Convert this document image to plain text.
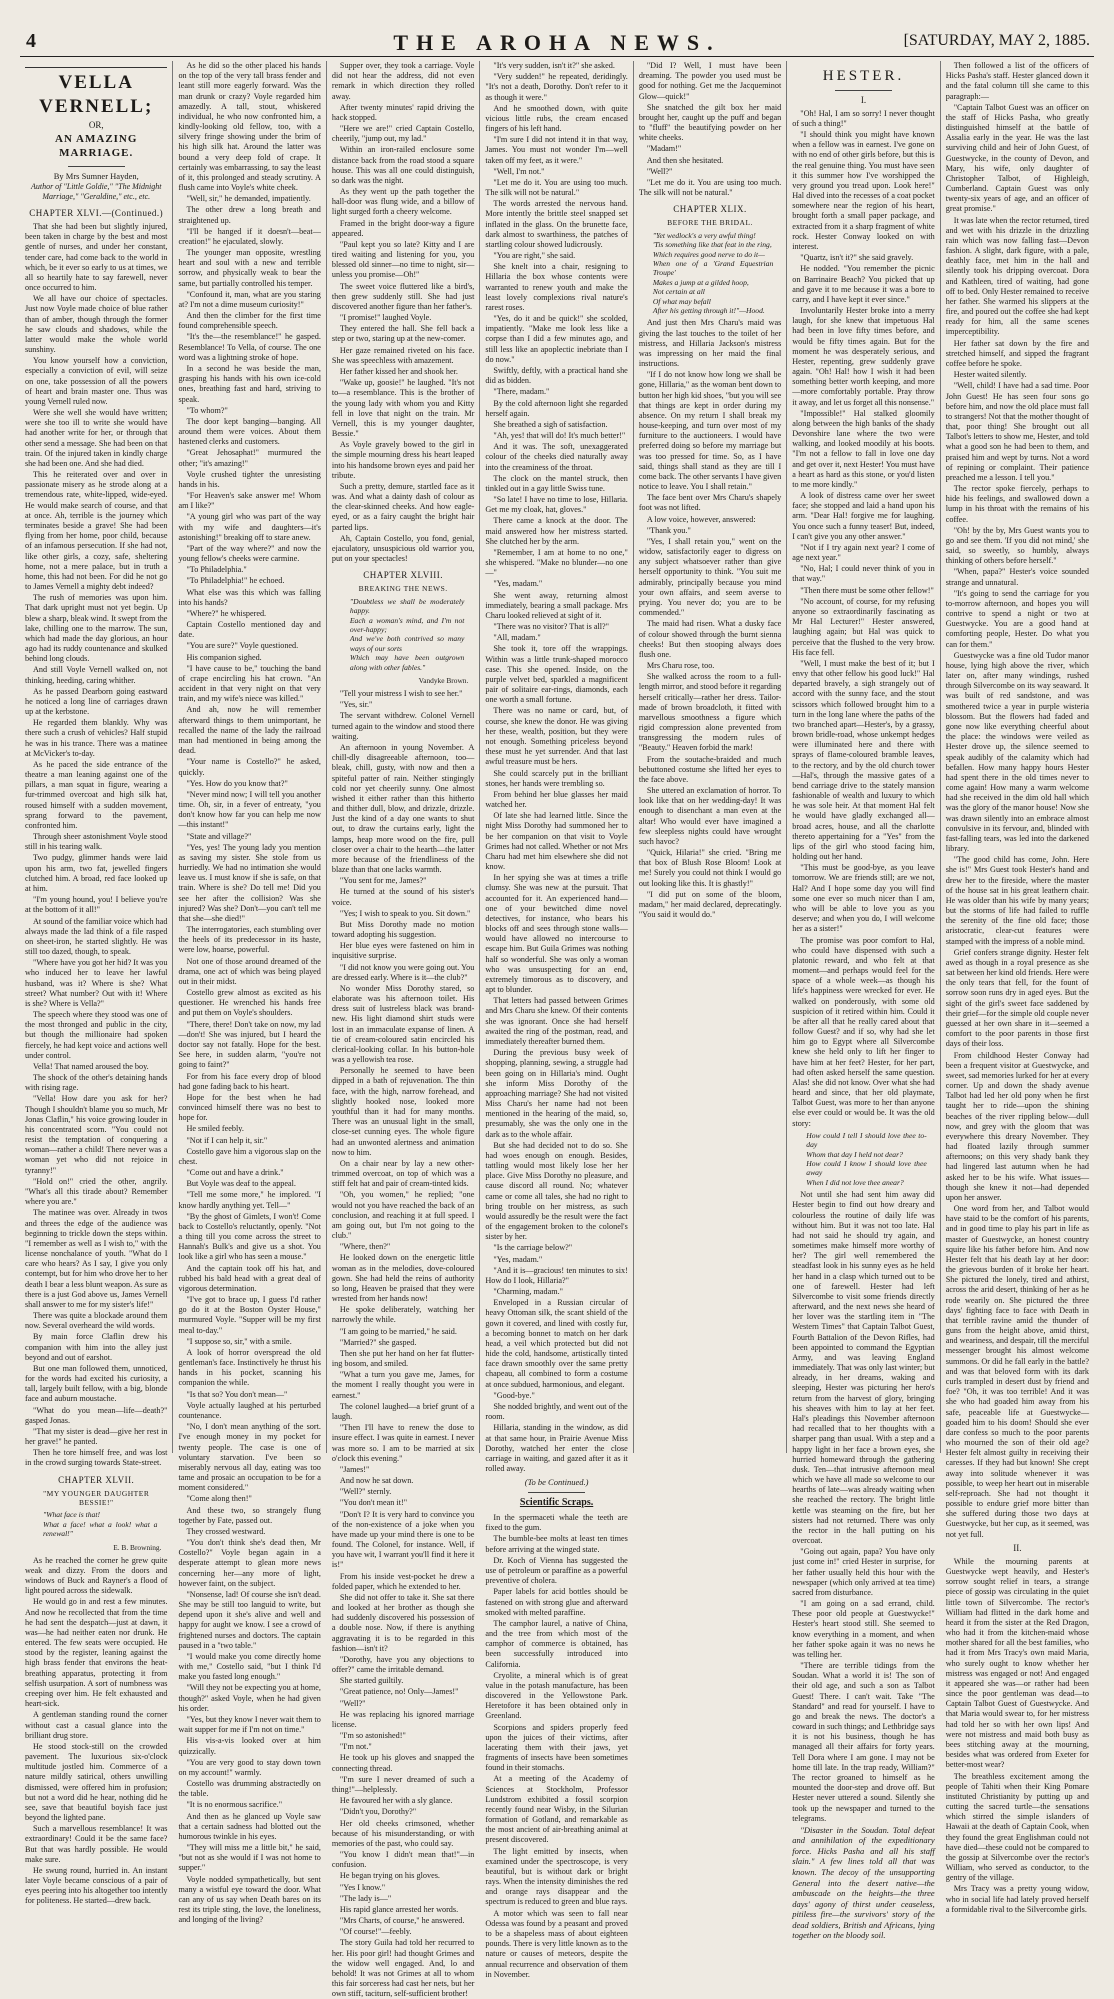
4	THE AROHA NEWS.	[SATURDAY, MAY 2, 1885.
VELLA VERNELL;
OR,
AN AMAZING MARRIAGE.
By Mrs Sumner Hayden,
Author of "Little Goldie," "The Midnight Marriage," "Geraldine," etc., etc.
CHAPTER XLVI.—(Continued.)

That she had been but slightly injured, been taken in charge by the best and most gentle of nurses, and under her constant, tender care, had come back to the world in which, be it ever so early to us at times, we all so heartily hate to say farewell, never once occurred to him.

We all have our choice of spectacles. Just now Voyle made choice of blue rather than of amber, though through the former he saw clouds and shadows, while the latter would make the whole world sunshiny.

You know yourself how a conviction, especially a conviction of evil, will seize on one, take possession of all the powers of heart and brain master one. Thus was young Vernell ruled now.

Were she well she would have written; were she too ill to write she would have had another write for her, or through that other send a message. She had been on that train. Of the injured taken in kindly charge she had been one. And she had died.

This he reiterated over and over in passionate misery as he strode along at a tremendous rate, white-lipped, wide-eyed. He would make search of course, and that at once. Ah, terrible is the journey which terminates beside a grave! She had been flying from her home, poor child, because of an infamous persecution. If she had not, like other girls, a cozy, safe, sheltering home, not a mere palace, but in truth a home, this had not been. For did he not go to James Vernell a mighty debt indeed?

The rush of memories was upon him. That dark upright must not yet begin. Up blew a sharp, bleak wind. It swept from the lake, chilling one to the marrow. The sun, which had made the day glorious, an hour ago had its ruddy countenance and skulked behind long clouds.

And still Voyle Vernell walked on, not thinking, heeding, caring whither.

As he passed Dearborn going eastward he noticed a long line of carriages drawn up at the kerbstone.

He regarded them blankly. Why was there such a crush of vehicles? Half stupid he was in his trance. There was a matinee at McVicker's to-day.

As he paced the side entrance of the theatre a man leaning against one of the pillars, a man squat in figure, wearing a fur-trimmed overcoat and high silk hat, roused himself with a sudden movement, sprang forward to the pavement, confronted him.

Through sheer astonishment Voyle stood still in his tearing walk.

Two pudgy, glimmer hands were laid upon his arm, two fat, jewelled fingers clutched him. A broad, red face looked up at him.

"I'm young hound, you! I believe you're at the bottom of it all!"

At sound of the familiar voice which had always made the lad think of a file rasped on sheet-iron, he started slightly. He was still too dazed, though, to speak.

"Where have you got her hid? It was you who induced her to leave her lawful husband, was it? Where is she? What street? What number? Out with it! Where is she? Where is Vella?"

The speech where they stood was one of the most thronged and public in the city, but though the millionaire had spoken fiercely, he had kept voice and actions well under control.

Vella! That named aroused the boy.

The shock of the other's detaining hands with rising rage.

"Vella! How dare you ask for her? Though I shouldn't blame you so much, Mr Jonas Claflin," his voice growing louder in his concentrated scorn. "You could not resist the temptation of conquering a woman—rather a child! There never was a woman yet who did not rejoice in tyranny!"

"Hold on!" cried the other, angrily. "What's all this tirade about? Remember where you are."

The matinee was over. Already in twos and threes the edge of the audience was beginning to trickle down the steps within. "I remember as well as I wish to," with the license nonchalance of youth. "What do I care who hears? As I say, I give you only contempt, but for him who drove her to her death I bear a less blunt weapon. As sure as there is a just God above us, James Vernell shall answer to me for my sister's life!"

There was quite a blockade around them now. Several overheard the wild words.

By main force Claflin drew his companion with him into the alley just beyond and out of earshot.

But one man followed them, unnoticed, for the words had excited his curiosity, a tall, largely built fellow, with a big, blonde face and auburn moustache.

"What do you mean—life—death?" gasped Jonas.

"That my sister is dead—give her rest in her grave!" he panted.

Then he tore himself free, and was lost in the crowd surging towards State-street.

CHAPTER XLVII.
"MY YOUNGER DAUGHTER BESSIE!"

"What face is that!

What a face! what a look! what a renewal!"

E. B. Browning.

As he reached the corner he grew quite weak and dizzy. From the doors and windows of Buck and Rayner's a flood of light poured across the sidewalk.

He would go in and rest a few minutes. And now he recollected that from the time he had sent the despatch—just at dawn, it was—he had neither eaten nor drunk. He entered. The few seats were occupied. He stood by the register, leaning against the high brass fender that environs the heat-breathing apparatus, protecting it from selfish usurpation. A sort of numbness was creeping over him. He felt exhausted and heart-sick.

A gentleman standing round the corner without cast a casual glance into the brilliant drug store.

He stood stock-still on the crowded pavement. The luxurious six-o'clock multitude jostled him. Commerce of a nature mildly satirical, others unwilling dismissed, were offered him in profusion; but not a word did he hear, nothing did he see, save that beautiful boyish face just beyond the lighted pane.

Such a marvellous resemblance! It was extraordinary! Could it be the same face? But that was hardly possible. He would make sure.

He swung round, hurried in. An instant later Voyle became conscious of a pair of eyes peering into his altogether too intently for politeness. He started—drew back.

As he did so the other placed his hands on the top of the very tall brass fender and leant still more eagerly forward. Was the man drunk or crazy? Voyle regarded him amazedly. A tall, stout, whiskered individual, he who now confronted him, a kindly-looking old fellow, too, with a silvery fringe showing under the brim of his high silk hat. Around the latter was bound a very deep fold of crape. It certainly was embarrassing, to say the least of it, this prolonged and steady scrutiny. A flush came into Voyle's white cheek.

"Well, sir," he demanded, impatiently.

The other drew a long breath and straightened up.

"I'll be hanged if it doesn't—beat—creation!" he ejaculated, slowly.

The younger man opposite, wrestling heart and soul with a new and terrible sorrow, and physically weak to bear the same, but partially controlled his temper.

"Confound it, man, what are you staring at? I'm not a dime museum curiosity!"

And then the climber for the first time found comprehensible speech.

"It's the—the resemblance!" he gasped. Resemblance! To Vella, of course. The one word was a lightning stroke of hope.

In a second he was beside the man, grasping his hands with his own ice-cold ones, breathing fast and hard, striving to speak.

"To whom?"

The door kept banging—banging. All around them were voices. About them hastened clerks and customers.

"Great Jehosaphat!" murmured the other; "it's amazing!"

Voyle crushed tighter the unresisting hands in his.

"For Heaven's sake answer me! Whom am I like?"

"A young girl who was part of the way with my wife and daughters—it's astonishing!" breaking off to stare anew.

"Part of the way where?" and now the young fellow's cheeks were carmine.

"To Philadelphia."

"To Philadelphia!" he echoed.

What else was this which was falling into his hands?

"Where?" he whispered.

Captain Costello mentioned day and date.

"You are sure?" Voyle questioned.

His companion sighed.

"I have cause to be," touching the band of crape encircling his hat crown. "An accident in that very night on that very train, and my wife's niece was killed."

And ah, now he will remember afterward things to them unimportant, he recalled the name of the lady the railroad man had mentioned in being among the dead.

"Your name is Costello?" he asked, quickly.

"Yes. How do you know that?"

"Never mind now; I will tell you another time. Oh, sir, in a fever of entreaty, "you don't know how far you can help me now—this instant!"

"State and village?"

"Yes, yes! The young lady you mention as saving my sister. She stole from us hurriedly. We had no intimation she would leave us. I must know if she is safe, on that train. Where is she? Do tell me! Did you see her after the collision? Was she injured? Was she? Don't—you can't tell me that she—she died!"

The interrogatories, each stumbling over the heels of its predecessor in its haste, were low, hoarse, powerful.

Not one of those around dreamed of the drama, one act of which was being played out in their midst.

Costello grew almost as excited as his questioner. He wrenched his hands free and put them on Voyle's shoulders.

"There, there! Don't take on now, my lad—don't! She was injured, but I heard the doctor say not fatally. Hope for the best. See here, in sudden alarm, "you're not going to faint?"

For from his face every drop of blood had gone fading back to his heart.

Hope for the best when he had convinced himself there was no best to hope for.

He smiled feebly.

"Not if I can help it, sir."

Costello gave him a vigorous slap on the chest.

"Come out and have a drink."

But Voyle was deaf to the appeal.

"Tell me some more," he implored. "I know hardly anything yet. Tell—"

"By the ghost of Gimlets, I won't! Come back to Costello's reluctantly, openly. "Not a thing till you come across the street to Hannah's Bulk's and give us a shot. You look like a girl who has seen a mouse."

And the captain took off his hat, and rubbed his bald head with a great deal of vigorous determination.

"I've got to brace up, I guess I'd rather go do it at the Boston Oyster House," murmured Voyle. "Supper will be my first meal to-day."

"I suppose so, sir," with a smile.

A look of horror overspread the old gentleman's face. Instinctively he thrust his hands in his pocket, scanning his companion the while.

"Is that so? You don't mean—"

Voyle actually laughed at his perturbed countenance.

"No, I don't mean anything of the sort. I've enough money in my pocket for twenty people. The case is one of voluntary starvation. I've been so miserably nervous all day, eating was too tame and prosaic an occupation to be for a moment considered."

"Come along then!"

And these two, so strangely flung together by Fate, passed out.

They crossed westward.

"You don't think she's dead then, Mr Costello?" Voyle began again in a desperate attempt to glean more news concerning her—any more of light, however faint, on the subject.

"Nonsense, lad! Of course she isn't dead. She may be still too languid to write, but depend upon it she's alive and well and happy for aught we know. I see a crowd of frightened nurses and doctors. The captain paused in a "two table."

"I would make you come directly home with me," Costello said, "but I think I'd make you fasted long enough."

"Will they not be expecting you at home, though?" asked Voyle, when he had given his order.

"Yes, but they know I never wait them to wait supper for me if I'm not on time."

His vis-a-vis looked over at him quizzically.

"You are very good to stay down town on my account!" warmly.

Costello was drumming abstractedly on the table.

"It is no enormous sacrifice."

And then as he glanced up Voyle saw that a certain sadness had blotted out the humorous twinkle in his eyes.

"They will miss me a little bit," he said, "but not as she would if I was not home to supper."

Voyle nodded sympathetically, but sent many a wistful eye toward the door. What can any of us say when Death bares on its rest its triple sting, the love, the loneliness, and longing of the living?

Supper over, they took a carriage. Voyle did not hear the address, did not even remark in which direction they rolled away.

After twenty minutes' rapid driving the hack stopped.

"Here we are!" cried Captain Costello, cheerily, "jump out, my lad."

Within an iron-railed enclosure some distance back from the road stood a square house. This was all one could distinguish, so dark was the night.

As they went up the path together the hall-door was flung wide, and a billow of light surged forth a cheery welcome.

Framed in the bright door-way a figure appeared.

"Paul kept you so late? Kitty and I are tired waiting and listening for you, you blessed old sinner—no time to night, sir—unless you promise—Oh!"

The sweet voice fluttered like a bird's, then grew suddenly still. She had just discovered another figure than her father's.

"I promise!" laughed Voyle.

They entered the hall. She fell back a step or two, staring up at the new-comer.

Her gaze remained riveted on his face. She was speechless with amazement.

Her father kissed her and shook her.

"Wake up, goosie!" he laughed. "It's not to—a resemblance. This is the brother of the young lady with whom you and Kitty fell in love that night on the train. Mr Vernell, this is my younger daughter, Bessie."

As Voyle gravely bowed to the girl in the simple mourning dress his heart leaped into his handsome brown eyes and paid her tribute.

Such a pretty, demure, startled face as it was. And what a dainty dash of colour as the clear-skinned cheeks. And how eagle-eyed, or as a fairy caught the bright hair parted lips.

Ah, Captain Costello, you fond, genial, ejaculatory, unsuspicious old warrior you, put on your spectacles!

CHAPTER XLVIII.
BREAKING THE NEWS.

"Doubtless we shall be moderately happy.

Each a woman's mind, and I'm not over-happy;

And we've both contrived so many ways of our sorts

Which may have been outgrown along with other fables."

Vandyke Brown.

"Tell your mistress I wish to see her."

"Yes, sir."

The servant withdrew. Colonel Vernell turned again to the window and stood there waiting.

An afternoon in young November. A chill-dly disagreeable afternoon, too—bleak, chill, gusty, with now and then a spiteful patter of rain. Neither stingingly cold nor yet cheerily sunny. One almost wished it either rather than this hitherto and thither dull, blow, and drizzle, drizzle. Just the kind of a day one wants to shut out, to draw the curtains early, light the lamps, heap more wood on the fire, pull closer over a chair to the hearth—the latter more because of the friendliness of the blaze than that one lacks warmth.

"You sent for me, James?"

He turned at the sound of his sister's voice.

"Yes; I wish to speak to you. Sit down."

But Miss Dorothy made no motion toward adopting his suggestion.

Her blue eyes were fastened on him in inquisitive surprise.

"I did not know you were going out. You are dressed early. Where is it—the club?"

No wonder Miss Dorothy stared, so elaborate was his afternoon toilet. His dress suit of lustreless black was brand-new. His light diamond shirt studs were lost in an immaculate expanse of linen. A tie of cream-coloured satin encircled his clerical-looking collar. In his button-hole was a yellowish tea rose.

Personally he seemed to have been dipped in a bath of rejuvenation. The thin face, with the high, narrow forehead, and slightly hooked nose, looked more youthful than it had for many months. There was an unusual light in the small, close-set cunning eyes. The whole figure had an unwonted alertness and animation now to him.

On a chair near by lay a new other-trimmed overcoat, on top of which was a stiff felt hat and pair of cream-tinted kids.

"Oh, you women," he replied; "one would not you have reached the back of an conclusion, and reaching it at full speed. I am going out, but I'm not going to the club."

"Where, then?"

He looked down on the energetic little woman as in the melodies, dove-coloured gown. She had held the reins of authority so long, Heaven be praised that they were wrested from her hands now!

He spoke deliberately, watching her narrowly the while.

"I am going to be married," he said.

"Married?" she gasped.

Then she put her hand on her fat flutter-ing bosom, and smiled.

"What a turn you gave me, James, for the moment I really thought you were in earnest."

The colonel laughed—a brief grunt of a laugh.

"Then I'll have to renew the dose to insure effect. I was quite in earnest. I never was more so. I am to be married at six o'clock this evening."

"James!"

And now he sat down.

"Well?" sternly.

"You don't mean it!"

"Don't I? It is very hard to convince you of the non-existence of a joke when you have made up your mind there is one to be found. The Colonel, for instance. Well, if you have wit, I warrant you'll find it here it is!"

From his inside vest-pocket he drew a folded paper, which he extended to her.

She did not offer to take it. She sat there and looked at her brother as though she had suddenly discovered his possession of a double nose. Now, if there is anything aggravating it is to be regarded in this fashion—isn't it?

"Dorothy, have you any objections to offer?" came the irritable demand.

She started guiltily.

"Great patience, no! Only—James!"

"Well?"

He was replacing his ignored marriage license.

"I'm so astonished!"

"I'm not."

He took up his gloves and snapped the connecting thread.

"I'm sure I never dreamed of such a thing!"—helplessly.

He favoured her with a sly glance.

"Didn't you, Dorothy?"

Her old cheeks crimsoned, whether because of his misunderstanding, or with memories of the past, who could say.

"You know I didn't mean that!"—in confusion.

He began trying on his gloves.

"Yes I know."

"The lady is—"

His rapid glance arrested her words.

"Mrs Charts, of course," he answered.

"Of course!"—feebly.

The story Guila had told her recurred to her. His poor girl! had thought Grimes and the widow well engaged. And, lo and behold! It was not Grimes at all to whom this fair sorceress had cast her nets, but her own stiff, taciturn, self-sufficient brother!

"It's very sudden, isn't it?" she asked.

"Very sudden!" he repeated, deridingly. "It's not a death, Dorothy. Don't refer to it as though it were."

And he smoothed down, with quite vicious little rubs, the cream encased fingers of his left hand.

"I'm sure I did not intend it in that way, James. You must not wonder I'm—well taken off my feet, as it were."

"Well, I'm not."

"Let me do it. You are using too much. The silk will not be natural."

The words arrested the nervous hand. More intently the brittle steel snapped set inflated in the glass. On the brunette face, dark almost to swarthiness, the patches of startling colour showed ludicrously.

"You are right," she said.

She knelt into a chair, resigning to Hillaria the box whose contents were warranted to renew youth and make the least lovely complexions rival nature's rarest roses.

"Yes, do it and be quick!" she scolded, impatiently. "Make me look less like a corpse than I did a few minutes ago, and still less like an apoplectic inebriate than I do now."

Swiftly, deftly, with a practical hand she did as bidden.

"There, madam."

By the cold afternoon light she regarded herself again.

She breathed a sigh of satisfaction.

"Ah, yes! that will do! It's much better!"

And it was. The soft, unexaggerated colour of the cheeks died naturally away into the creaminess of the throat.

The clock on the mantel struck, then tinkled out in a gay little Swiss tune.

"So late! I have no time to lose, Hillaria. Get me my cloak, hat, gloves."

There came a knock at the door. The maid answered how her mistress started. She clutched her by the arm.

"Remember, I am at home to no one," she whispered. "Make no blunder—no one—"

"Yes, madam."

She went away, returning almost immediately, bearing a small package. Mrs Charu looked relieved at sight of it.

"There was no visitor? That is all?"

"All, madam."

She took it, tore off the wrappings. Within was a little trunk-shaped morocco case. This she opened. Inside, on the purple velvet bed, sparkled a magnificent pair of solitaire ear-rings, diamonds, each one worth a small fortune.

There was no name or card, but, of course, she knew the donor. He was giving her these, wealth, position, but they were not enough. Something priceless beyond these must he yet surrender. And that last awful treasure must be hers.

She could scarcely put in the brilliant stones, her hands were trembling so.

From behind her blue glasses her maid watched her.

Of late she had learned little. Since the night Miss Dorothy had summoned her to be her companion on that visit to Voyle Grimes had not called. Whether or not Mrs Charu had met him elsewhere she did not know.

In her spying she was at times a trifle clumsy. She was new at the pursuit. That accounted for it. An experienced hand—one of your bewitched dime novel detectives, for instance, who bears his blocks off and sees through stone walls—would have allowed no intercourse to escape him. But Guila Grimes was nothing half so wonderful. She was only a woman who was unsuspecting for an end, extremely timorous as to discovery, and apt to blunder.

That letters had passed between Grimes and Mrs Charu she knew. Of their contents she was ignorant. Once she had herself awaited the ring of the postman, read, and immediately thereafter burned them.

During the previous busy week of shopping, planning, sewing, a struggle had been going on in Hillaria's mind. Ought she inform Miss Dorothy of the approaching marriage? She had not visited Miss Charu's her name had not been mentioned in the hearing of the maid, so, presumably, she was the only one in the dark as to the whole affair.

But she had decided not to do so. She had woes enough on enough. Besides, tattling would most likely lose her her place. Give Miss Dorothy no pleasure, and cause discord all round. No; whatever came or come all tales, she had no right to bring trouble on her mistress, as such would assuredly be the result were the fact of the engagement broken to the colonel's sister by her.

"Is the carriage below?"

"Yes, madam."

"And it is—gracious! ten minutes to six! How do I look, Hillaria?"

"Charming, madam."

Enveloped in a Russian circular of heavy Ottoman silk, the scant shield of the gown it covered, and lined with costly fur, a becoming bonnet to match on her dark head, a veil which protected but did not hide the cold, handsome, artistically tinted face drawn smoothly over the same pretty chapeau, all combined to form a costume at once subdued, harmonious, and elegant.

"Good-bye."

She nodded brightly, and went out of the room.

Hillaria, standing in the window, as did at that same hour, in Prairie Avenue Miss Dorothy, watched her enter the close carriage in waiting, and gazed after it as it rolled away.

(To be Continued.)
Scientific Scraps.

In the spermaceti whale the teeth are fixed to the gum.

The bumble-bee molts at least ten times before arriving at the winged state.

Dr. Koch of Vienna has suggested the use of petroleum or paraffine as a powerful preventive of cholera.

Paper labels for acid bottles should be fastened on with strong glue and afterward smoked with melted paraffine.

The camphor laurel, a native of China, and the tree from which most of the camphor of commerce is obtained, has been successfully introduced into California.

Cryolite, a mineral which is of great value in the potash manufacture, has been discovered in the Yellowstone Park. Heretofore it has been obtained only in Greenland.

Scorpions and spiders properly feed upon the juices of their victims, after lacerating them with their jaws, yet fragments of insects have been sometimes found in their stomachs.

At a meeting of the Academy of Sciences at Stockholm, Professor Lundstrom exhibited a fossil scorpion recently found near Wisby, in the Silurian formation of Gotland, and remarkable as the most ancient of air-breathing animal at present discovered.

The light emitted by insects, when examined under the spectroscope, is very beautiful, but is without dark or bright rays. When the intensity diminishes the red and orange rays disappear and the spectrum is reduced to green and blue rays.

A motor which was seen to fall near Odessa was found by a peasant and proved to be a shapeless mass of about eighteen pounds. There is very little known as to the nature or causes of meteors, despite the annual recurrence and observation of them in November.

"Did I? Well, I must have been dreaming. The powder you used must be good for nothing. Get me the Jacqueminot Glow—quick!"

She snatched the gilt box her maid brought her, caught up the puff and began to "fluff" the beautifying powder on her white cheeks.

"Madam!"

And then she hesitated.

"Well?"

"Let me do it. You are using too much. The silk will not be natural."

CHAPTER XLIX.
BEFORE THE BRIDAL.

"Yet wedlock's a very awful thing!

'Tis something like that feat in the ring,

Which requires good nerve to do it—

When one of a 'Grand Equestrian Troupe'

Makes a jump at a gilded hoop,

Not certain at all

Of what may befall

After his getting through it!"—Hood.

And just then Mrs Charu's maid was giving the last touches to the toilet of her mistress, and Hillaria Jackson's mistress was impressing on her maid the final instructions.

"If I do not know how long we shall be gone, Hillaria," as the woman bent down to button her high kid shoes, "but you will see that things are kept in order during my absence. On my return I shall break my house-keeping, and turn over most of my furniture to the auctioneers. I would have preferred doing so before my marriage but was too pressed for time. So, as I have said, things shall stand as they are till I come back. The other servants I have given notice to leave. You I shall retain."

The face bent over Mrs Charu's shapely foot was not lifted.

A low voice, however, answered:

"Thank you."

"Yes, I shall retain you," went on the widow, satisfactorily eager to digress on any subject whatsoever rather than give herself opportunity to think. "You suit me admirably, principally because you mind your own affairs, and seem averse to prying. You never do; you are to be commended."

The maid had risen. What a dusky face of colour showed through the burnt sienna cheeks! But then stooping always does flush one.

Mrs Charu rose, too.

She walked across the room to a full-length mirror, and stood before it regarding herself critically—rather her dress. Tailor-made of brown broadcloth, it fitted with marvellous smoothness a figure which rigid compression alone prevented from transgressing the modern rules of "Beauty." Heaven forbid the mark!

From the soutache-braided and much bebuttoned costume she lifted her eyes to the face above.

She uttered an exclamation of horror. To look like that on her wedding-day! It was enough to disenchant a man even at the altar! Who would ever have imagined a few sleepless nights could have wrought such havoc?

"Quick, Hilaria!" she cried. "Bring me that box of Blush Rose Bloom! Look at me! Surely you could not think I would go out looking like this. It is ghastly!"

"I did put on some of the bloom, madam," her maid declared, deprecatingly. "You said it would do."

HESTER.
I.

"Oh! Hal, I am so sorry! I never thought of such a thing!"

"I should think you might have known when a fellow was in earnest. I've gone on with no end of other girls before, but this is the real genuine thing. You must have seen it this summer how I've worshipped the very ground you tread upon. Look here!" Hal dived into the recesses of a coat pocket somewhere near the region of his heart, brought forth a small paper package, and extracted from it a sharp fragment of white rock. Hester Conway looked on with interest.

"Quartz, isn't it?" she said gravely.

He nodded. "You remember the picnic on Barrinaire Beach? You picked that up and gave it to me because it was a bore to carry, and I have kept it ever since."

Involuntarily Hester broke into a merry laugh, for she knew that impetuous Hal had been in love fifty times before, and would be fifty times again. But for the moment he was desperately serious, and Hester, repenting, grew suddenly grave again. "Oh! Hal! how I wish it had been something better worth keeping, and more—more comfortably portable. Pray throw it away, and let us forget all this nonsense."

"Impossible!" Hal stalked gloomily along between the high banks of the shady Devonshire lane where the two were walking, and looked moodily at his boots. "I'm not a fellow to fall in love one day and get over it, next Hester! You must have a heart as hard as this stone, or you'd listen to me more kindly."

A look of distress came over her sweet face; she stopped and laid a hand upon his arm. "Dear Hal! forgive me for laughing. You once such a funny teaser! But, indeed, I can't give you any other answer."

"Not if I try again next year? I come of age next year."

"No, Hal; I could never think of you in that way."

"Then there must be some other fellow!"

"No account, of course, for my refusing anyone so extraordinarily fascinating as Mr Hal Lecturer!" Hester answered, laughing again; but Hal was quick to perceive that the flushed to the very brow. His face fell.

"Well, I must make the best of it; but I envy that other fellow his good luck!" Hal departed bravely, a sigh strangely out of accord with the sunny face, and the stout scissors which followed brought him to a turn in the long lane where the paths of the two branched apart—Hester's, by a grassy, brown bridle-road, whose unkempt hedges were illuminated here and there with sprays of flame-coloured bramble leaves, to the rectory, and by the old church tower—Hal's, through the massive gates of a bend carriage drive to the stately mansion fashionable of wealth and luxury to which he was sole heir. At that moment Hal felt he would have gladly exchanged all—broad acres, house, and all the charlotte thereto appertaining for a "Yes" from the lips of the girl who stood facing him, holding out her hand.

"This must be good-bye, as you leave tomorrow. We are friends still; are we not, Hal? And I hope some day you will find some one ever so much nicer than I am, who will be able to love you as you deserve; and when you do, I will welcome her as a sister!"

The promise was poor comfort to Hal, who could have dispensed with such a platonic reward, and who felt at that moment—and perhaps would feel for the space of a whole week—as though his life's happiness were wrecked for ever. He walked on ponderously, with some old suspicion of it retired within him. Could it be after all that he really cared about that follow Guest? and if so, why had she let him go to Egypt where all Silvercombe knew she held only to lift her finger to have him at her feet? Hester, for her part, had often asked herself the same question. Alas! she did not know. Over what she had heard and since, that her old playmate, Talbot Guest, was more to her than anyone else ever could or would be. It was the old story:

How could I tell I should love thee to-day

Whom that day I held not dear?

How could I know I should love thee away

When I did not love thee anear?

Not until she had sent him away did Hester begin to find out how dreary and colourless the routine of daily life was without him. But it was not too late. Hal had not said he should try again, and sometimes make himself more worthy of her? The girl well remembered the steadfast look in his sunny eyes as he held her hand in a clasp which turned out to be one of farewell. Hester had left Silvercombe to visit some friends directly afterward, and the next news she heard of her lover was the startling item in "The Western Times" that Captain Talbot Guest, Fourth Battalion of the Devon Rifles, had been appointed to command the Egyptian Army, and was leaving England immediately. That was only last winter; but already, in her dreams, waking and sleeping, Hester was picturing her hero's return from the harvest of glory, bringing his sheaves with him to lay at her feet. Hal's pleadings this November afternoon had recalled that to her thoughts with a sharper pang than usual. With a step and a happy light in her face a brown eyes, she hurried homeward through the gathering dusk. Ten—that intrusive afternoon meal which we have all made so welcome to our hearths of late—was already waiting when she reached the rectory. The bright little kettle was steaming on the fire, but her sisters had not returned. There was only the rector in the hall putting on his overcoat.

"Going out again, papa? You have only just come in!" cried Hester in surprise, for her father usually held this hour with the newspaper (which only arrived at tea time) sacred from disturbance.

"I am going on a sad errand, child. These poor old people at Guestwycke!" Hester's heart stood still. She seemed to know everything in a moment, and when her father spoke again it was no news he was telling her.

"There are terrible tidings from the Soudan. What a world it is! The son of their old age, and such a son as Talbot Guest! There. I can't wait. Take "The Standard" and read for yourself. I have to go and break the news. The doctor's a coward in such things; and Lethbridge says it is not his business, though he has managed all their affairs for forty years. Tell Dora where I am gone. I may not be home till late. In the trap ready, William?" The rector groaned to himself as he mounted the door-step and drove off. But Hester never uttered a sound. Silently she took up the newspaper and turned to the telegrams.

"Disaster in the Soudan. Total defeat and annihilation of the expeditionary force. Hicks Pasha and all his staff slain." A few lines told all that was known. The decoy of the unsupporting General into the desert native—the ambuscade on the heights—the three days' agony of thirst under ceaseless, pitiless fire—the survivors' story of the dead soldiers, British and Africans, lying together on the bloody soil.

Then followed a list of the officers of Hicks Pasha's staff. Hester glanced down it and the fatal column till she came to this paragraph:—

"Captain Talbot Guest was an officer on the staff of Hicks Pasha, who greatly distinguished himself at the battle of Assalia early in the year. He was the last surviving child and heir of John Guest, of Guestwycke, in the county of Devon, and Mary, his wife, only daughter of Christopher Talbot, of Highleigh, Cumberland. Captain Guest was only twenty-six years of age, and an officer of great promise."

It was late when the rector returned, tired and wet with his drizzle in the drizzling rain which was now falling fast—Devon fashion. A slight, dark figure, with a pale, deathly face, met him in the hall and silently took his dripping overcoat. Dora and Kathleen, tired of waiting, had gone off to bed. Only Hester remained to receive her father. She warmed his slippers at the fire, and poured out the coffee she had kept ready for him, all the same scenes imperceptibility.

Her father sat down by the fire and stretched himself, and sipped the fragrant coffee before he spoke.

Hester waited silently.

"Well, child! I have had a sad time. Poor John Guest! He has seen four sons go before him, and now the old place must fall to strangers! Not that the mother thought of that, poor thing! She brought out all Talbot's letters to show me, Hester, and told what a good son he had been to them, and praised him and wept by turns. Not a word of repining or complaint. Their patience preached me a lesson. I tell you."

The rector spoke fiercely, perhaps to hide his feelings, and swallowed down a lump in his throat with the remains of his coffee.

"Oh! by the by, Mrs Guest wants you to go and see them. 'If you did not mind,' she said, so sweetly, so humbly, always thinking of others before herself."

"When, papa?" Hester's voice sounded strange and unnatural.

"It's going to send the carriage for you to-morrow afternoon, and hopes you will contrive to spend a night or two at Guestwycke. You are a good hand at comforting people, Hester. Do what you can for them."

Guestwycke was a fine old Tudor manor house, lying high above the river, which later on, after many windings, rushed through Silvercombe on its way seaward. It was built of red sandstone, and was smothered twice a year in purple wisteria blossom. But the flowers had faded and gone now like everything cheerful about the place: the windows were veiled as Hester drove up, the silence seemed to speak audibly of the calamity which had befallen. How many happy hours Hester had spent there in the old times never to come again! How many a warm welcome had she received in the dim old hall which was the glory of the manor house! Now she was drawn silently into an embrace almost convulsive in its fervour, and, blinded with fast-falling tears, was led into the darkened library.

"The good child has come, John. Here she is!" Mrs Guest took Hester's hand and drew her to the fireside, where the master of the house sat in his great leathern chair. He was older than his wife by many years; but the storms of life had failed to ruffle the serenity of the fine old face; those aristocratic, clear-cut features were stamped with the impress of a noble mind.

Grief confers strange dignity. Hester felt awed as though in a royal presence as she sat between her kind old friends. Here were the only tears that fell, for the fount of sorrow soon runs dry in aged eyes. But the sight of the girl's sweet face saddened by their grief—for the simple old couple never guessed at her own share in it—seemed a comfort to the poor parents in those first days of their loss.

From childhood Hester Conway had been a frequent visitor at Guestwycke, and sweet, sad memories lurked for her at every corner. Up and down the shady avenue Talbot had led her old pony when he first taught her to ride—upon the shining beaches of the river rippling below—dull now, and grey with the gloom that was everywhere this dreary November. They had floated lazily through summer afternoons; on this very shady bank they had lingered last autumn when he had asked her to be his wife. What issues—though she knew it not—had depended upon her answer.

One word from her, and Talbot would have staid to be the comfort of his parents, and in good time to play his part in life as master of Guestwycke, an honest country squire like his father before him. And now Hester felt that his death lay at her door: the grievous burden of it broke her heart. She pictured the lonely, tired and athirst, across the arid desert, thinking of her as he rode wearily on. She pictured the three days' fighting face to face with Death in that terrible ravine amid the thunder of guns from the height above, amid thirst, and weariness, and despair, till the merciful messenger brought his almost welcome summons. Or did he fall early in the battle? and was that beloved form with its dark curls trampled in desert dust by friend and foe? "Oh, it was too terrible! And it was she who had goaded him away from his safe, peaceable life at Guestwycke—goaded him to his doom! Should she ever dare confess so much to the poor parents who mourned the son of their old age? Hester felt almost guilty in receiving their caresses. If they had but known! She crept away into solitude whenever it was possible, to weep her heart out in miserable self-reproach. She had not thought it possible to endure grief more bitter than she suffered during those two days at Guestwycke, but her cup, as it seemed, was not yet full.

II.

While the mourning parents at Guestwycke wept heavily, and Hester's sorrow sought relief in tears, a strange piece of gossip was circulating in the quiet little town of Silvercombe. The rector's William had flitted in the dark home and heard it from the sister at the Red Dragon, who had it from the kitchen-maid whose mother shared for all the best families, who had it from Mrs Tracy's own maid Maria, who surely ought to know whether her mistress was engaged or not! And engaged it appeared she was—or rather had been since the poor gentleman was dead—to Captain Talbot Guest of Guestwycke. And that Maria would swear to, for her mistress had told her so with her own lips! And were not mistress and maid both busy as bees stitching away at the mourning, besides what was ordered from Exeter for better-most wear?

The breathless excitement among the people of Tahiti when their King Pomare instituted Christianity by putting up and cutting the sacred turtle—the sensations which stirred the simple islanders of Hawaii at the death of Captain Cook, when they found the great Englishman could not have died—these could not be compared to the gossip at Silvercombe over the rector's William, who served as conductor, to the gentry of the village.

Mrs Tracy was a pretty young widow, who in social life had lately proved herself a formidable rival to the Silvercombe girls.
